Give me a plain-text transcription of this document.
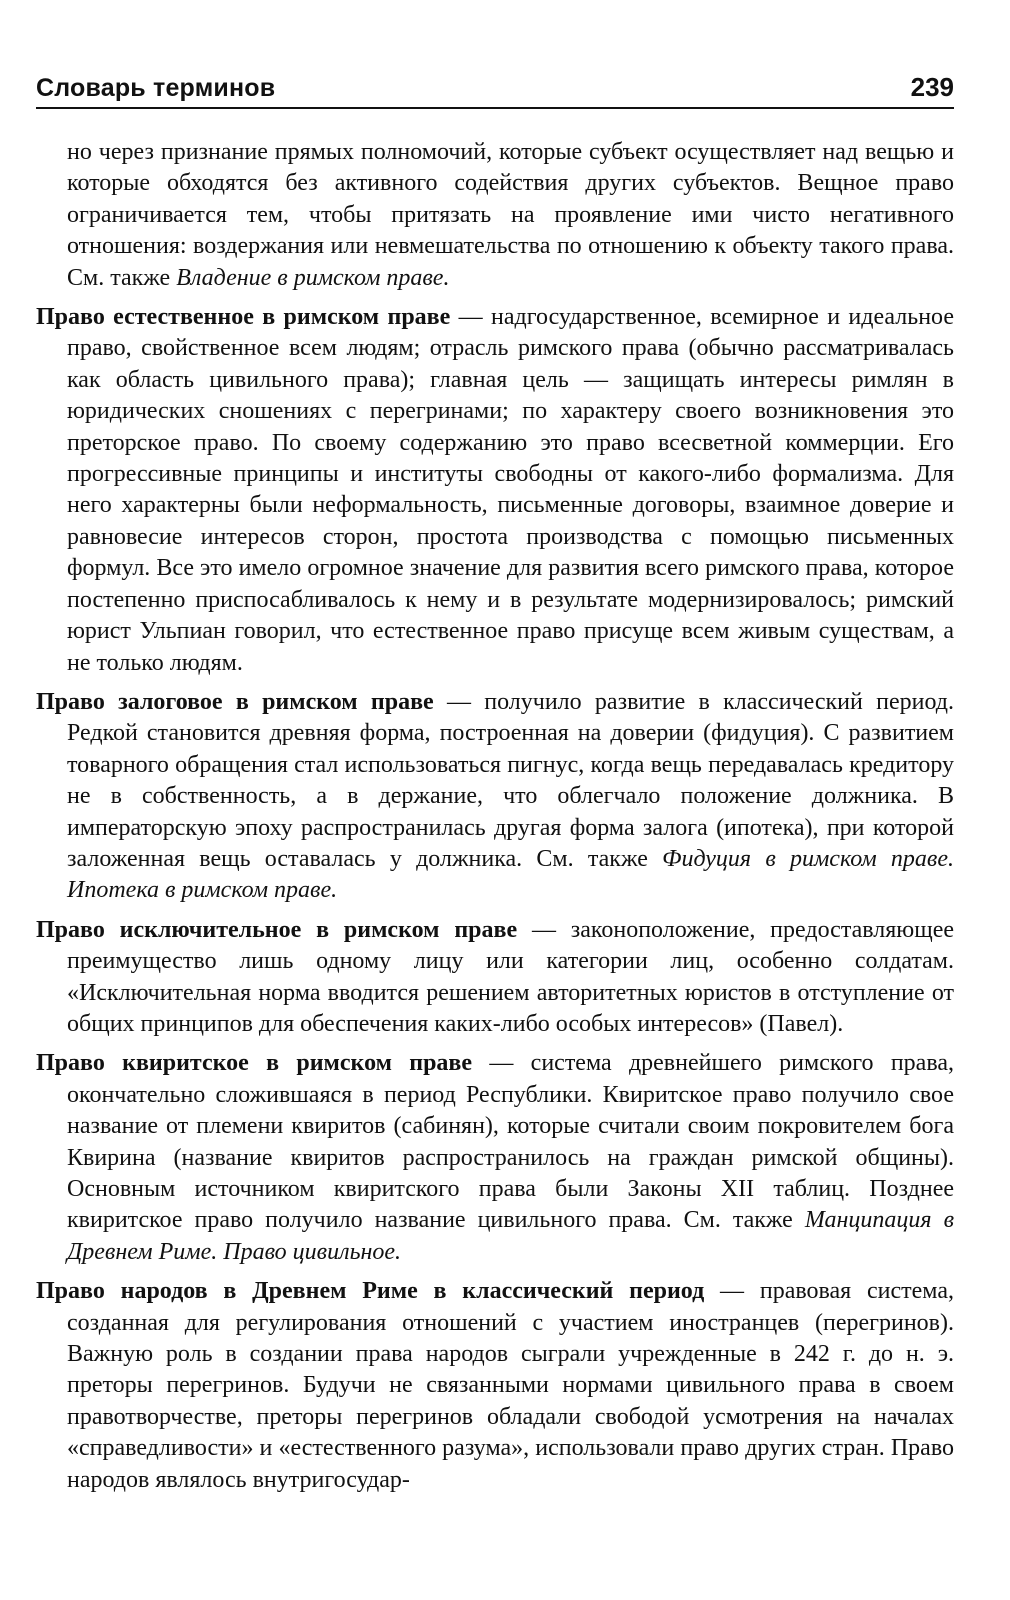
Словарь терминов	239

но через признание прямых полномочий, которые субъект осуществляет над вещью и которые обходятся без активного содействия других субъектов. Вещное право ограничивается тем, чтобы притязать на проявление ими чисто негативного отношения: воздержания или невмешательства по отношению к объекту такого права. См. также Владение в римском праве.

Право естественное в римском праве — надгосударственное, всемирное и идеальное право, свойственное всем людям; отрасль римского права (обычно рассматривалась как область цивильного права); главная цель — защищать интересы римлян в юридических сношениях с перегринами; по характеру своего возникновения это преторское право. По своему содержанию это право всесветной коммерции. Его прогрессивные принципы и институты свободны от какого-либо формализма. Для него характерны были неформальность, письменные договоры, взаимное доверие и равновесие интересов сторон, простота производства с помощью письменных формул. Все это имело огромное значение для развития всего римского права, которое постепенно приспосабливалось к нему и в результате модернизировалось; римский юрист Ульпиан говорил, что естественное право присуще всем живым существам, а не только людям.

Право залоговое в римском праве — получило развитие в классический период. Редкой становится древняя форма, построенная на доверии (фидуция). С развитием товарного обращения стал использоваться пигнус, когда вещь передавалась кредитору не в собственность, а в держание, что облегчало положение должника. В императорскую эпоху распространилась другая форма залога (ипотека), при которой заложенная вещь оставалась у должника. См. также Фидуция в римском праве. Ипотека в римском праве.

Право исключительное в римском праве — законоположение, предоставляющее преимущество лишь одному лицу или категории лиц, особенно солдатам. «Исключительная норма вводится решением авторитетных юристов в отступление от общих принципов для обеспечения каких-либо особых интересов» (Павел).

Право квиритское в римском праве — система древнейшего римского права, окончательно сложившаяся в период Республики. Квиритское право получило свое название от племени квиритов (сабинян), которые считали своим покровителем бога Квирина (название квиритов распространилось на граждан римской общины). Основным источником квиритского права были Законы XII таблиц. Позднее квиритское право получило название цивильного права. См. также Манципация в Древнем Риме. Право цивильное.

Право народов в Древнем Риме в классический период — правовая система, созданная для регулирования отношений с участием иностранцев (перегринов). Важную роль в создании права народов сыграли учрежденные в 242 г. до н. э. преторы перегринов. Будучи не связанными нормами цивильного права в своем правотворчестве, преторы перегринов обладали свободой усмотрения на началах «справедливости» и «естественного разума», использовали право других стран. Право народов являлось внутригосудар-
